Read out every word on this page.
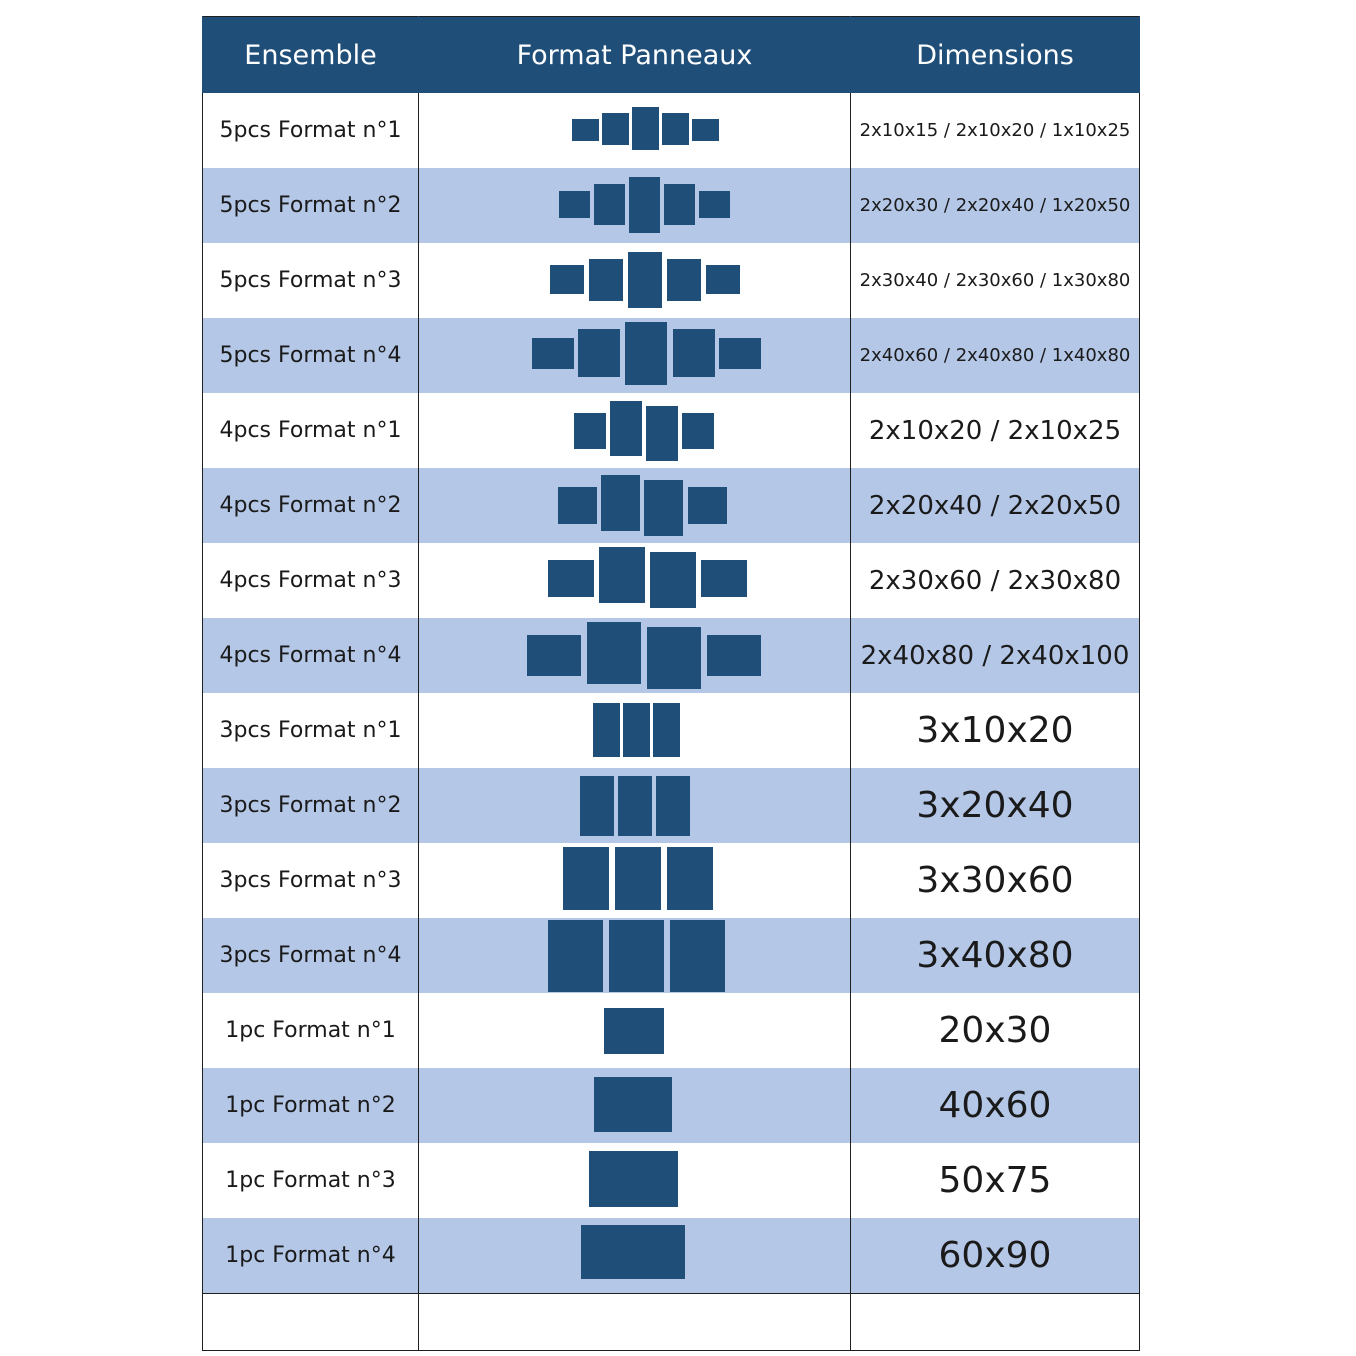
Ensemble	Format Panneaux	Dimensions
5pcs Format n°1		2x10x15 / 2x10x20 / 1x10x25
5pcs Format n°2		2x20x30 / 2x20x40 / 1x20x50
5pcs Format n°3		2x30x40 / 2x30x60 / 1x30x80
5pcs Format n°4		2x40x60 / 2x40x80 / 1x40x80
4pcs Format n°1		2x10x20 / 2x10x25
4pcs Format n°2		2x20x40 / 2x20x50
4pcs Format n°3		2x30x60 / 2x30x80
4pcs Format n°4		2x40x80 / 2x40x100
3pcs Format n°1		3x10x20
3pcs Format n°2		3x20x40
3pcs Format n°3		3x30x60
3pcs Format n°4		3x40x80
1pc Format n°1		20x30
1pc Format n°2		40x60
1pc Format n°3		50x75
1pc Format n°4		60x90
